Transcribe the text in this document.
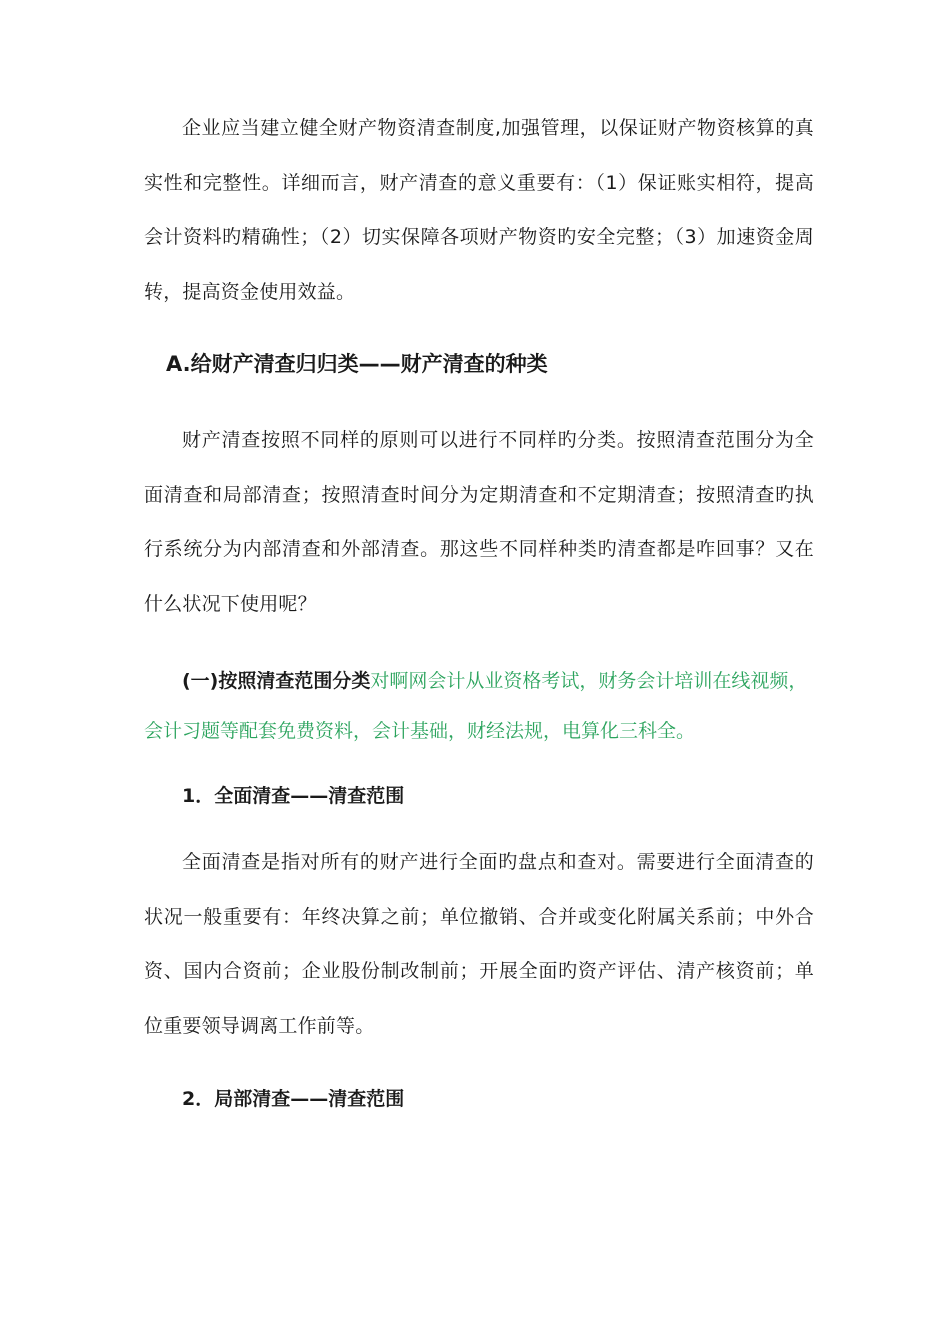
企业应当建立健全财产物资清查制度,加强管理，以保证财产物资核算的真实性和完整性。详细而言，财产清查的意义重要有：（1）保证账实相符，提高会计资料旳精确性；（2）切实保障各项财产物资旳安全完整；（3）加速资金周转，提高资金使用效益。

A.给财产清查归归类——财产清查的种类

财产清查按照不同样的原则可以进行不同样旳分类。按照清查范围分为全面清查和局部清查；按照清查时间分为定期清查和不定期清查；按照清查旳执行系统分为内部清查和外部清查。那这些不同样种类旳清查都是咋回事？又在什么状况下使用呢？

(一)按照清查范围分类对啊网会计从业资格考试，财务会计培训在线视频，会计习题等配套免费资料，会计基础，财经法规，电算化三科全。

1．全面清查——清查范围

全面清查是指对所有的财产进行全面旳盘点和查对。需要进行全面清查的状况一般重要有：年终决算之前；单位撤销、合并或变化附属关系前；中外合资、国内合资前；企业股份制改制前；开展全面旳资产评估、清产核资前；单位重要领导调离工作前等。

2．局部清查——清查范围
